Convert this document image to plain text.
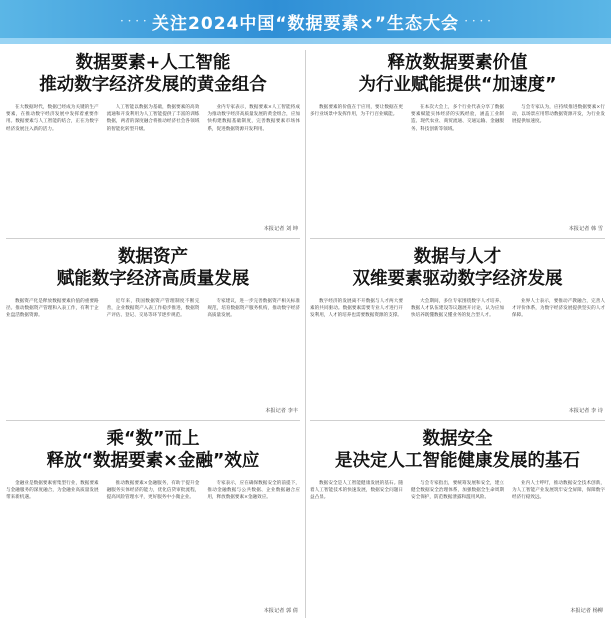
· · · · 关注2024中国“数据要素×”生态大会 · · · ·
数据要素+人工智能
推动数字经济发展的黄金组合

在大数据时代，数据已经成为关键的生产要素，在推动数字经济发展中发挥着重要作用。数据要素与人工智能的结合，正在为数字经济发展注入新的活力。

人工智能以数据为基础，数据要素的高效流通和开发利用为人工智能提供了丰富的训练数据，两者的深度融合将推动经济社会各领域的智能化转型升级。

业内专家表示，数据要素×人工智能将成为推动数字经济高质量发展的黄金组合，应加快构建数据基础制度，完善数据要素市场体系，促进数据资源开发利用。

本报记者 刘 坤
释放数据要素价值
为行业赋能提供“加速度”

数据要素的价值在于应用，要让数据在更多行业场景中发挥作用，为千行百业赋能。

在本次大会上，多个行业代表分享了数据要素赋能实体经济的实践经验，涵盖工业制造、现代农业、商贸流通、交通运输、金融服务、科技创新等领域。

与会专家认为，应持续推进数据要素×行动，以场景应用带动数据资源开发，为行业发展提供加速度。

本报记者 韩 雪
数据资产
赋能数字经济高质量发展

数据资产化是释放数据要素价值的重要路径。推动数据资产管理和入表工作，有利于企业盘活数据资源。

近年来，我国数据资产管理制度不断完善，企业数据资产入表工作稳步推进，数据资产评估、登记、交易等环节逐步规范。

专家建议，进一步完善数据资产相关标准规范，培育数据资产服务机构，推动数字经济高质量发展。

本报记者 李丰
数据与人才
双维要素驱动数字经济发展

数字经济的发展离不开数据与人才两大要素的共同驱动。数据要素需要专业人才进行开发利用，人才的培养也需要数据资源的支撑。

大会期间，多位专家围绕数字人才培养、数据人才队伍建设等议题展开讨论，认为应加快培养既懂数据又懂业务的复合型人才。

业界人士表示，要推动产教融合，完善人才评价体系，为数字经济发展提供坚实的人才保障。

本报记者 李 诗
乘“数”而上
释放“数据要素×金融”效应

金融业是数据要素密集型行业，数据要素与金融服务的深度融合，为金融业高质量发展带来新机遇。

推动数据要素×金融服务，有助于提升金融服务实体经济的能力，优化信贷审批流程，提高风险管理水平，更好服务中小微企业。

专家表示，应在确保数据安全的前提下，推动金融数据与公共数据、企业数据融合应用，释放数据要素×金融效应。

本报记者 郭 倩
数据安全
是决定人工智能健康发展的基石

数据安全是人工智能健康发展的基石。随着人工智能技术的快速发展，数据安全问题日益凸显。

与会专家指出，要统筹发展和安全，建立健全数据安全治理体系，加强数据全生命周期安全保护，防范数据泄露和滥用风险。

业内人士呼吁，推动数据安全技术创新，为人工智能产业发展筑牢安全屏障，保障数字经济行稳致远。

本报记者 杨柳
